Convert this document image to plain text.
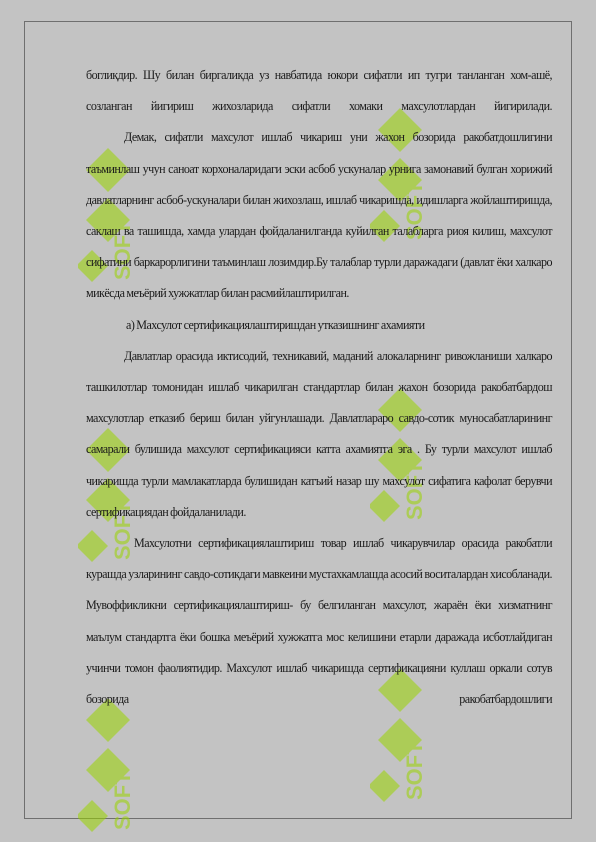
SOFT
SOFT
SOFT
SOFT
SOFT
SOFT

боглиқдир. Шу билан биргаликда уз навбатида юкори сифатли ип тугри танланган хом-ашё, созланган йигириш жихозларида сифатли хомаки махсулотлардан йигирилади.

Демак, сифатли махсулот ишлаб чикариш уни жахон бозорида ракобатдошлигини таъминлаш учун саноат корхоналаридаги эски асбоб ускуналар урнига замонавий булган хорижий давлатларнинг асбоб-ускуналари билан жихозлаш, ишлаб чикаришда, идишларга жойлаштиришда, саклаш ва ташишда, хамда улардан фойдаланилганда куйилган талабларга риоя килиш, махсулот сифатини баркарорлигини таъминлаш лозимдир.Бу талаблар турли даражадаги (давлат ёки халкаро микёсда меъёрий хужжатлар билан расмийлаштирилган.

а) Махсулот сертификациялаштиришдан утказишнинг ахамияти

Давлатлар орасида иктисодий, техникавий, маданий алокаларнинг ривожланиши халкаро ташкилотлар томонидан ишлаб чикарилган стандартлар билан жахон бозорида ракобатбардош махсулотлар етказиб бериш билан уйгунлашади. Давлатлараро савдо-сотик муносабатларининг самарали булишида махсулот сертификацияси катта ахамиятга эга . Бу турли махсулот ишлаб чикаришда турли мамлакатларда булишидан катъий назар шу махсулот сифатига кафолат берувчи сертификациядан фойдаланилади.

Махсулотни сертификациялаштириш товар ишлаб чикарувчилар орасида ракобатли курашда узларининг савдо-сотикдаги мавкеини мустахкамлашда асосий воситалардан хисобланади. Мувоффикликни сертификациялаштириш- бу белгиланган махсулот, жараён ёки хизматнинг маълум стандартга ёки бошка меъёрий хужжатга мос келишини етарли даражада исботлайдиган учинчи томон фаолиятидир. Махсулот ишлаб чикаришда сертификацияни куллаш оркали сотув бозорида ракобатбардошлиги
